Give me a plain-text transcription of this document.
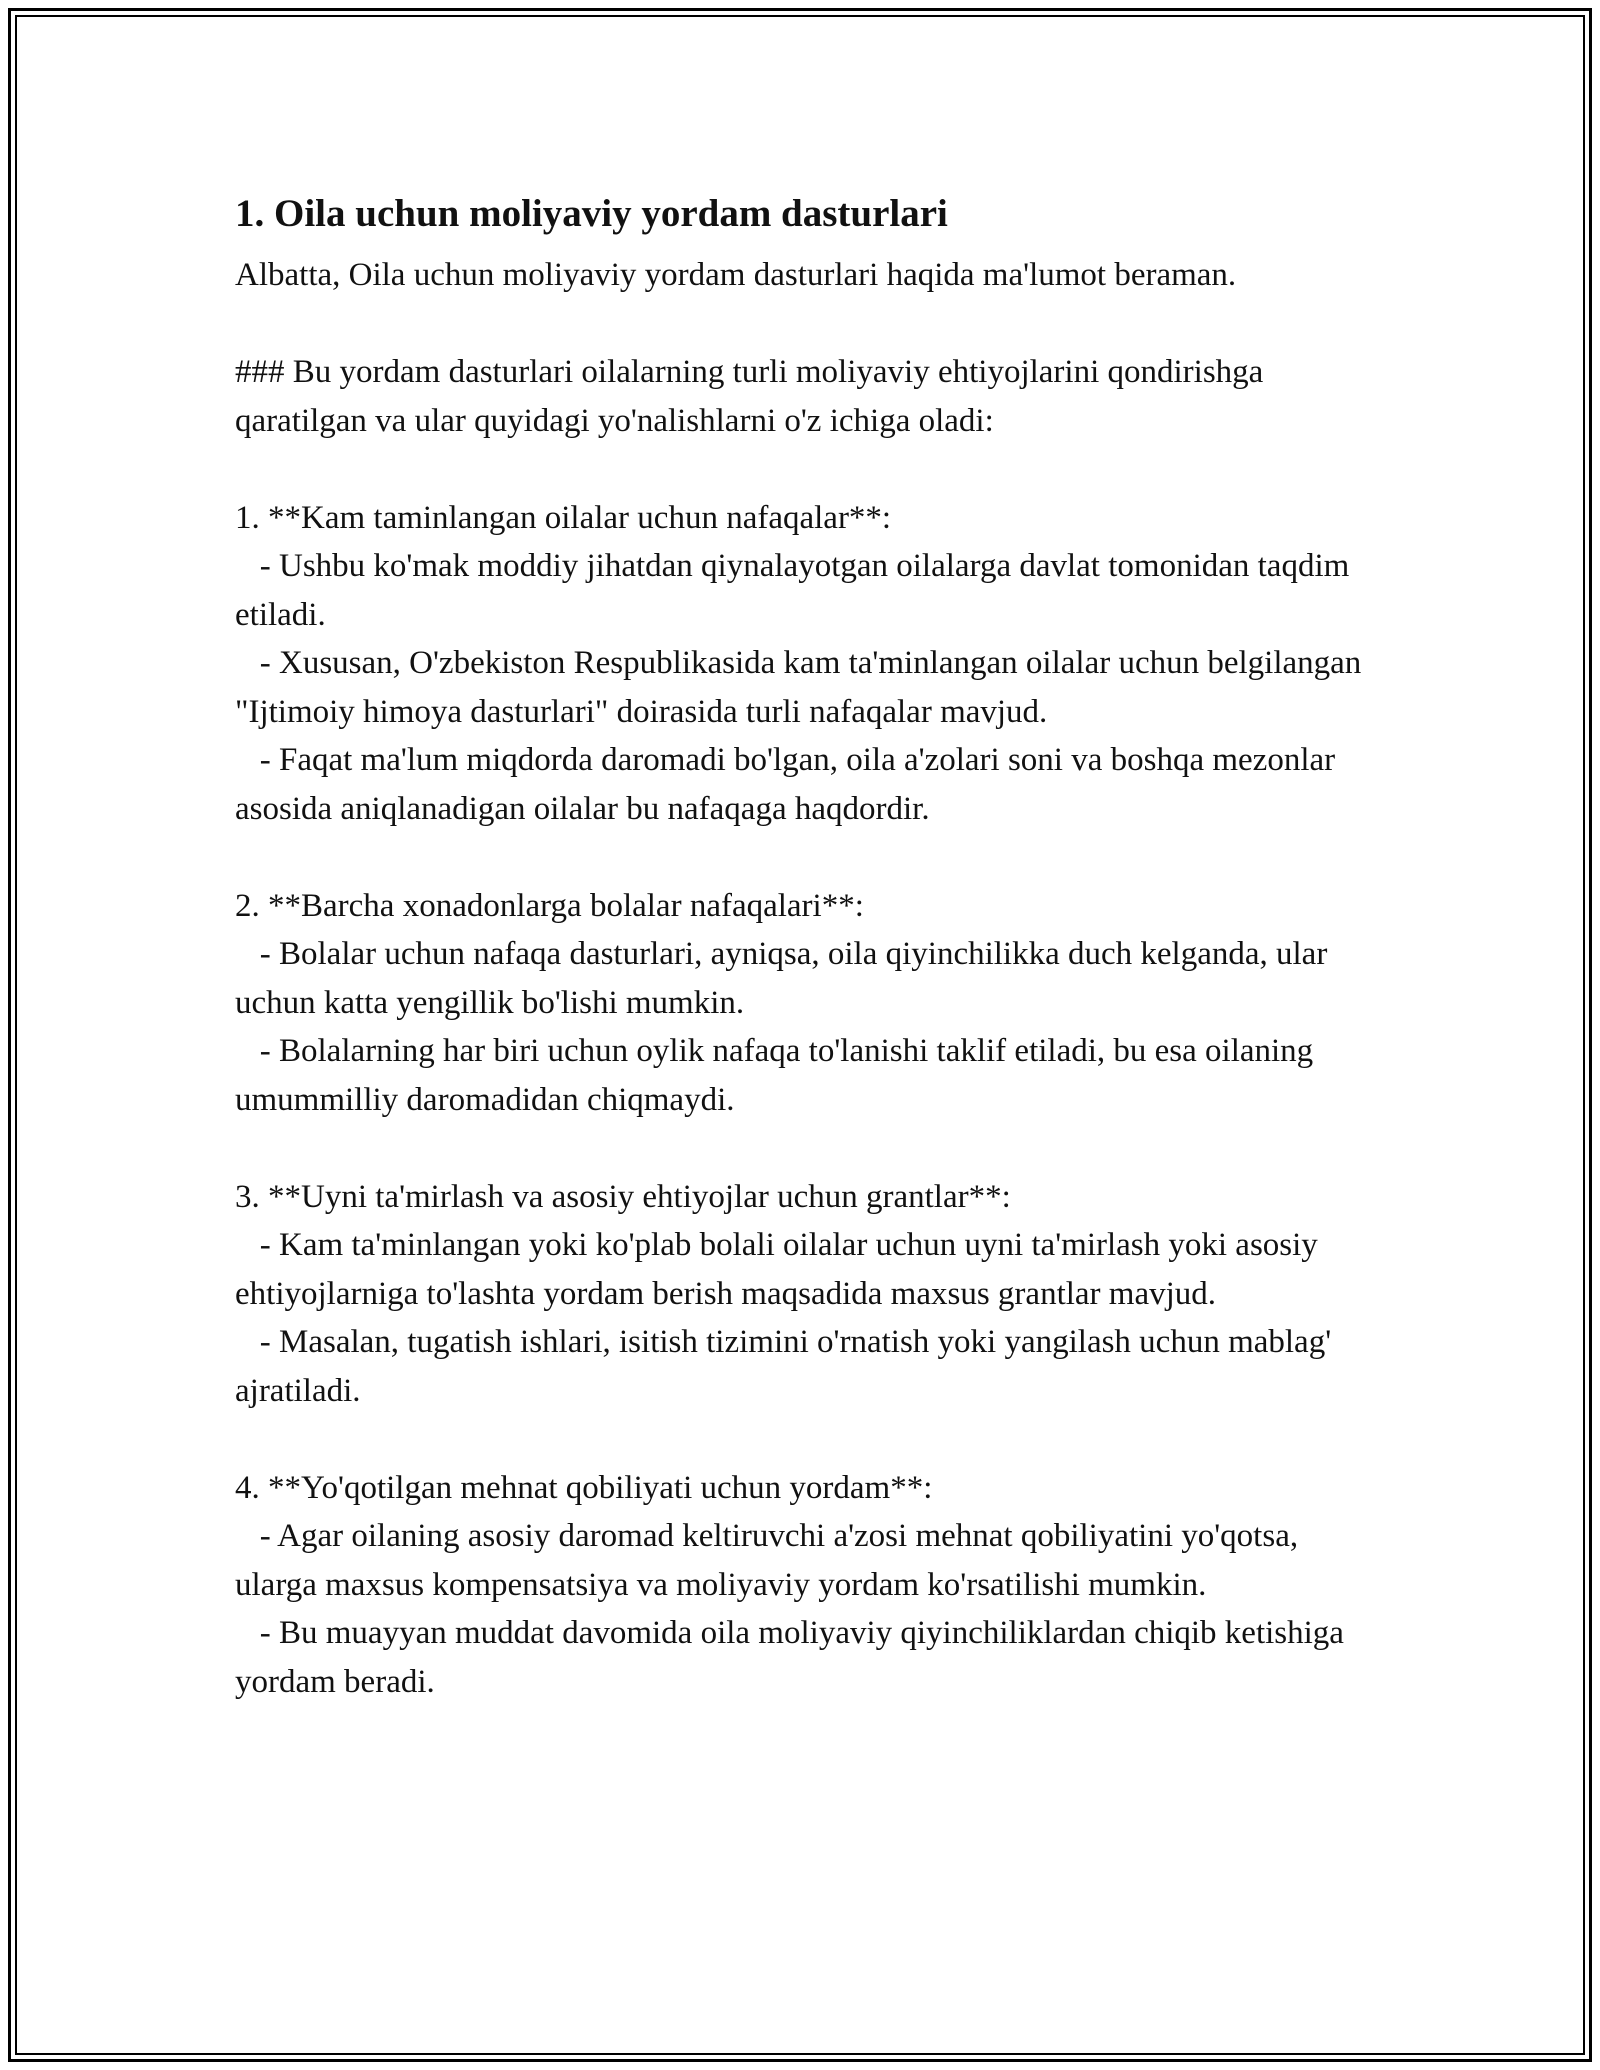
1. Oila uchun moliyaviy yordam dasturlari

Albatta, Oila uchun moliyaviy yordam dasturlari haqida ma'lumot beraman.

### Bu yordam dasturlari oilalarning turli moliyaviy ehtiyojlarini qondirishga qaratilgan va ular quyidagi yo'nalishlarni o'z ichiga oladi:

1. **Kam taminlangan oilalar uchun nafaqalar**:

- Ushbu ko'mak moddiy jihatdan qiynalayotgan oilalarga davlat tomonidan taqdim etiladi.

- Xususan, O'zbekiston Respublikasida kam ta'minlangan oilalar uchun belgilangan "Ijtimoiy himoya dasturlari" doirasida turli nafaqalar mavjud.

- Faqat ma'lum miqdorda daromadi bo'lgan, oila a'zolari soni va boshqa mezonlar asosida aniqlanadigan oilalar bu nafaqaga haqdordir.

2. **Barcha xonadonlarga bolalar nafaqalari**:

- Bolalar uchun nafaqa dasturlari, ayniqsa, oila qiyinchilikka duch kelganda, ular uchun katta yengillik bo'lishi mumkin.

- Bolalarning har biri uchun oylik nafaqa to'lanishi taklif etiladi, bu esa oilaning umummilliy daromadidan chiqmaydi.

3. **Uyni ta'mirlash va asosiy ehtiyojlar uchun grantlar**:

- Kam ta'minlangan yoki ko'plab bolali oilalar uchun uyni ta'mirlash yoki asosiy ehtiyojlarniga to'lashta yordam berish maqsadida maxsus grantlar mavjud.

- Masalan, tugatish ishlari, isitish tizimini o'rnatish yoki yangilash uchun mablag' ajratiladi.

4. **Yo'qotilgan mehnat qobiliyati uchun yordam**:

- Agar oilaning asosiy daromad keltiruvchi a'zosi mehnat qobiliyatini yo'qotsa, ularga maxsus kompensatsiya va moliyaviy yordam ko'rsatilishi mumkin.

- Bu muayyan muddat davomida oila moliyaviy qiyinchiliklardan chiqib ketishiga yordam beradi.
